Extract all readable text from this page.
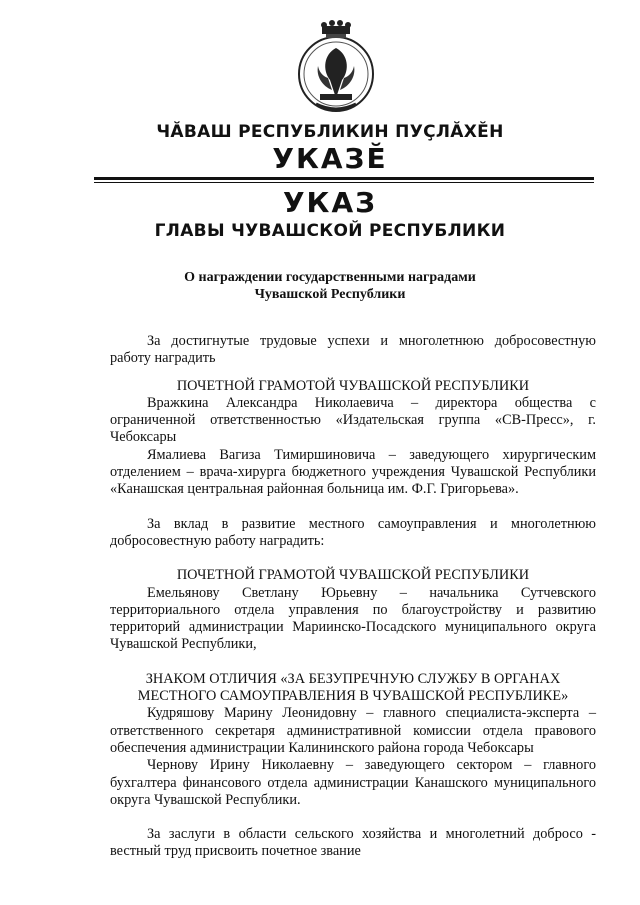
ЧĂВАШ РЕСПУБЛИКИН ПУÇЛĂХĔН
УКАЗĔ
УКАЗ
ГЛАВЫ ЧУВАШСКОЙ РЕСПУБЛИКИ
О награждении государственными наградами
Чувашской Республики

За достигнутые трудовые успехи и многолетнюю добросовестную работу наградить

ПОЧЕТНОЙ ГРАМОТОЙ ЧУВАШСКОЙ РЕСПУБЛИКИ

Вражкина Александра Николаевича – директора общества с ограниченной ответственностью «Издательская группа «СВ-Пресс», г. Чебоксары

Ямалиева Вагиза Тимиршиновича – заведующего хирургическим отделением – врача-хирурга бюджетного учреждения Чувашской Республики «Канашская центральная районная больница им. Ф.Г. Григорьева».

За вклад в развитие местного самоуправления и многолетнюю добросовестную работу наградить:

ПОЧЕТНОЙ ГРАМОТОЙ ЧУВАШСКОЙ РЕСПУБЛИКИ

Емельянову Светлану Юрьевну – начальника Сутчевского территориального отдела управления по благоустройству и развитию территорий администрации Мариинско-Посадского муниципального округа Чувашской Республики,

ЗНАКОМ ОТЛИЧИЯ «ЗА БЕЗУПРЕЧНУЮ СЛУЖБУ В ОРГАНАХ МЕСТНОГО САМОУПРАВЛЕНИЯ В ЧУВАШСКОЙ РЕСПУБЛИКЕ»

Кудряшову Марину Леонидовну – главного специалиста-эксперта – ответственного секретаря административной комиссии отдела правового обеспечения администрации Калининского района города Чебоксары

Чернову Ирину Николаевну – заведующего сектором – главного бухгалтера финансового отдела администрации Канашского муниципального округа Чувашской Республики.

За заслуги в области сельского хозяйства и многолетний добросо - вестный труд присвоить почетное звание
